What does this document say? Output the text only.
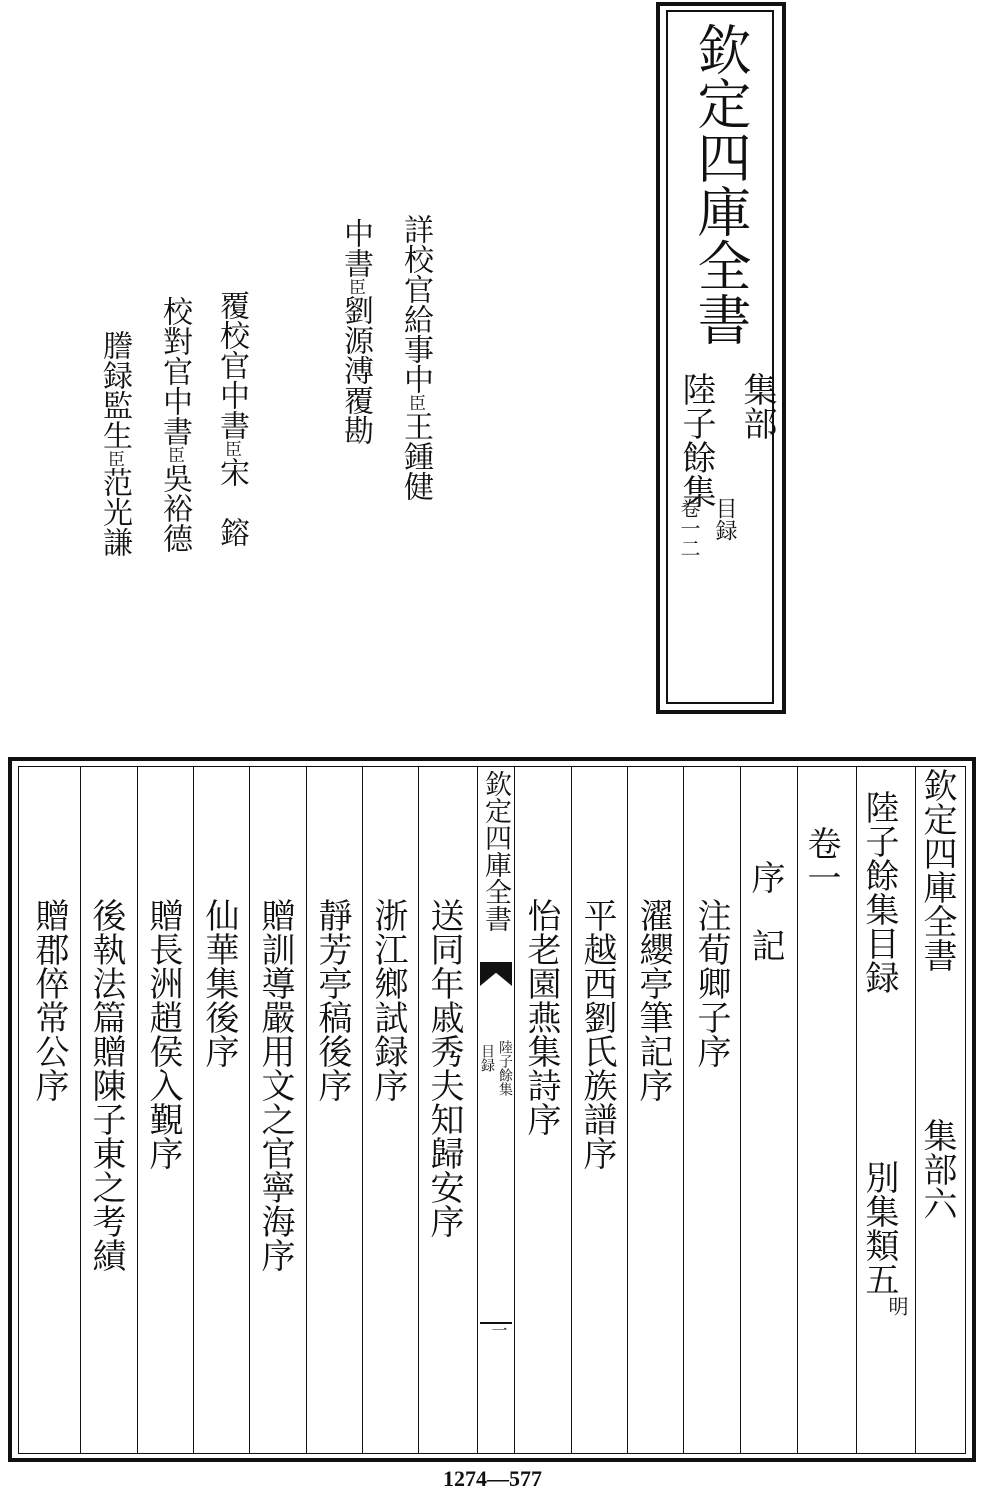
欽定四庫全書
集部
陸子餘集
目録
卷一二
詳校官給事中臣王鍾健
中書臣劉源溥覆勘
覆校官中書臣宋　鎔
校對官中書臣吳裕德
謄録監生臣范光謙
欽定四庫全書
陸子餘集
目録
一
欽定四庫全書
集部六
陸子餘集目録
別集類五
明
卷一
序　記
注荀卿子序
濯纓亭筆記序
平越西劉氏族譜序
怡老園燕集詩序
送同年戚秀夫知歸安序
浙江鄉試録序
靜芳亭稿後序
贈訓導嚴用文之官寧海序
仙華集後序
贈長洲趙侯入覲序
後執法篇贈陳子東之考績
贈郡倅常公序
1274—577
